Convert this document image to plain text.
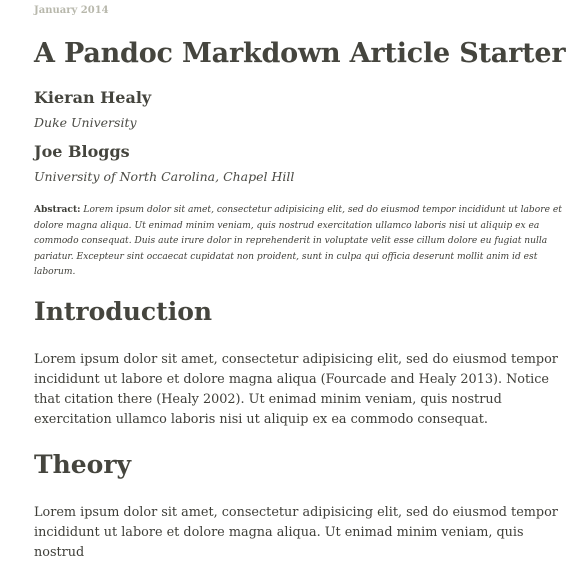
January 2014
A Pandoc Markdown Article Starter

Kieran Healy

Duke University

Joe Bloggs

University of North Carolina, Chapel Hill

Abstract: Lorem ipsum dolor sit amet, consectetur adipisicing elit, sed do eiusmod tempor incididunt ut labore et dolore magna aliqua. Ut enimad minim veniam, quis nostrud exercitation ullamco laboris nisi ut aliquip ex ea commodo consequat. Duis aute irure dolor in reprehenderit in voluptate velit esse cillum dolore eu fugiat nulla pariatur. Excepteur sint occaecat cupidatat non proident, sunt in culpa qui officia deserunt mollit anim id est laborum.

Introduction

Lorem ipsum dolor sit amet, consectetur adipisicing elit, sed do eiusmod tempor incididunt ut labore et dolore magna aliqua (Fourcade and Healy 2013). Notice that citation there (Healy 2002). Ut enimad minim veniam, quis nostrud exercitation ullamco laboris nisi ut aliquip ex ea commodo consequat.

Theory

Lorem ipsum dolor sit amet, consectetur adipisicing elit, sed do eiusmod tempor incididunt ut labore et dolore magna aliqua. Ut enimad minim veniam, quis nostrud
